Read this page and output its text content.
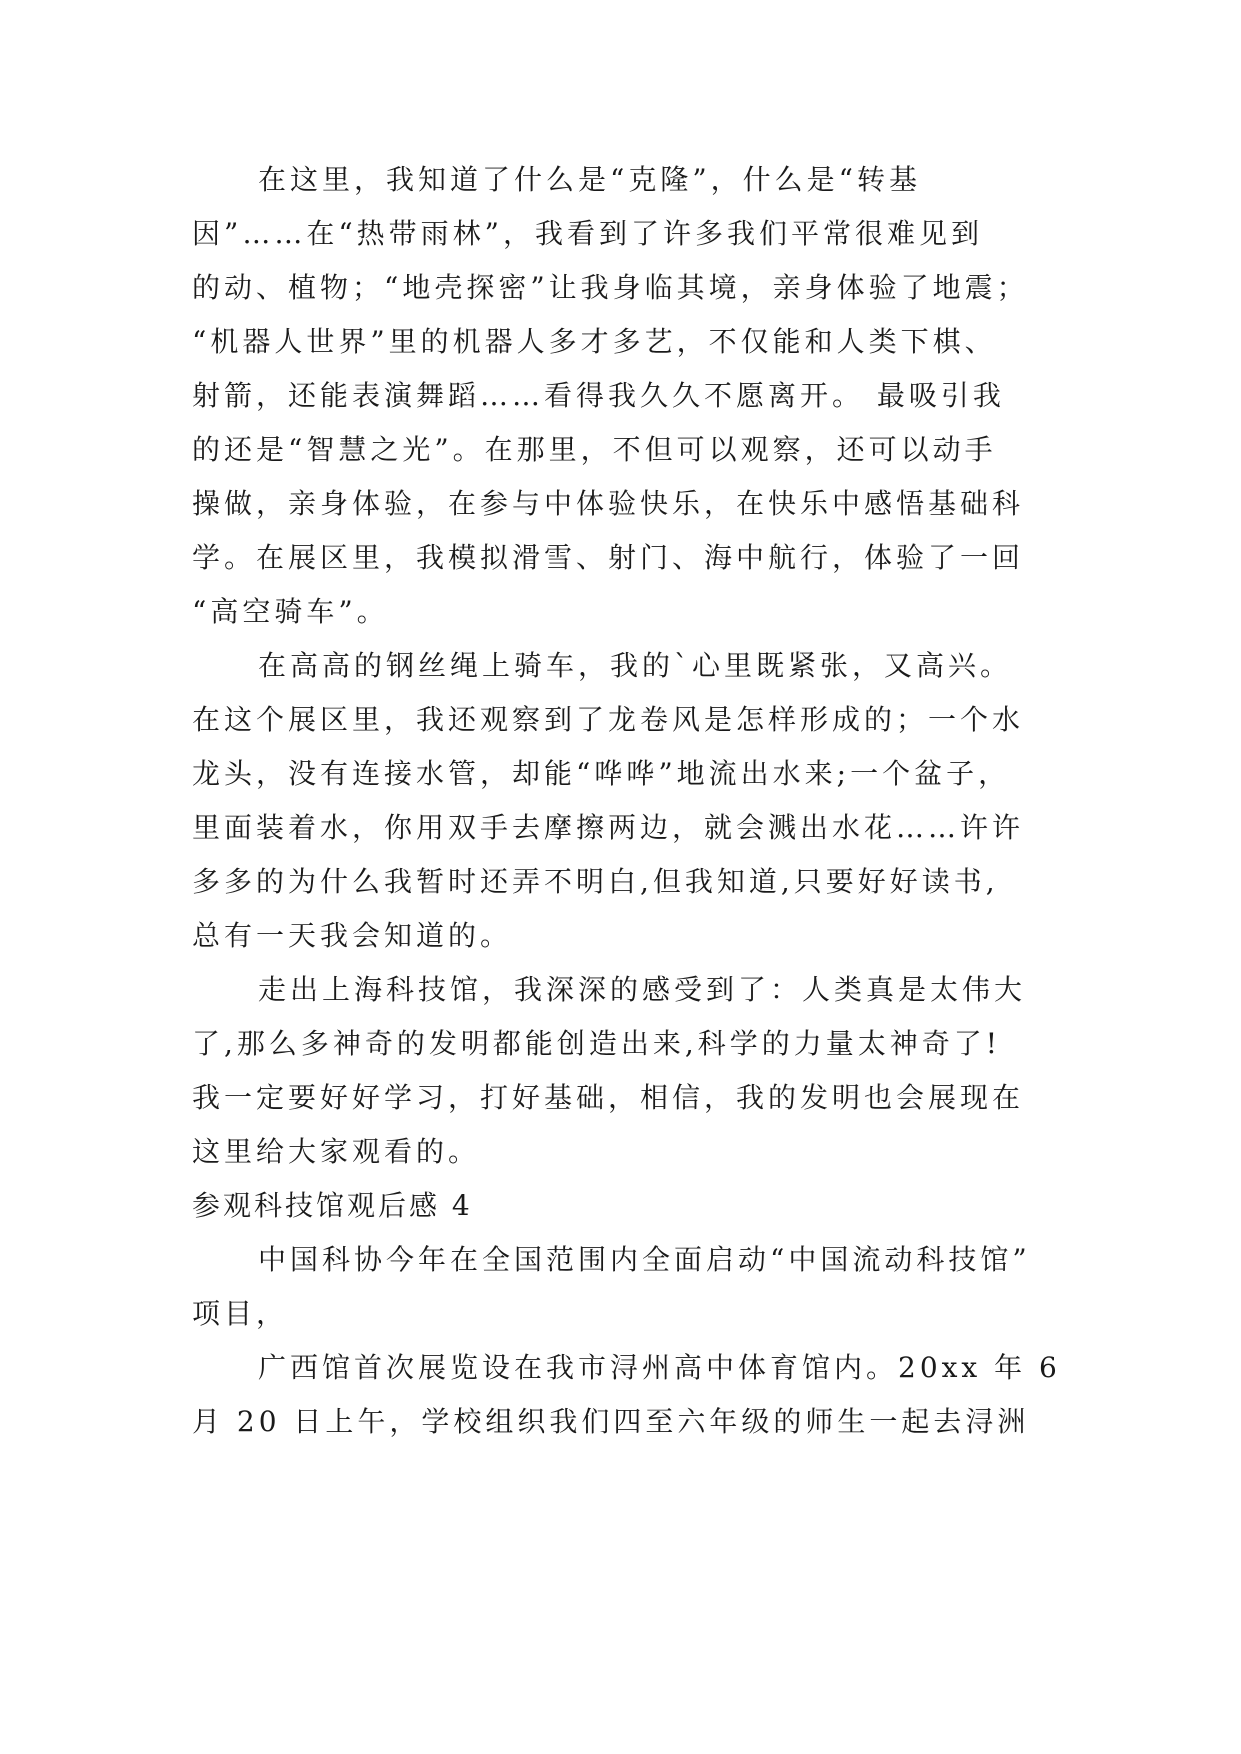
在这里，我知道了什么是“克隆”，什么是“转基
因”……在“热带雨林”，我看到了许多我们平常很难见到
的动、植物；“地壳探密”让我身临其境，亲身体验了地震；
“机器人世界”里的机器人多才多艺，不仅能和人类下棋、
射箭，还能表演舞蹈……看得我久久不愿离开。 最吸引我
的还是“智慧之光”。在那里，不但可以观察，还可以动手
操做，亲身体验，在参与中体验快乐，在快乐中感悟基础科
学。在展区里，我模拟滑雪、射门、海中航行，体验了一回
“高空骑车”。
在高高的钢丝绳上骑车，我的`心里既紧张，又高兴。
在这个展区里，我还观察到了龙卷风是怎样形成的；一个水
龙头，没有连接水管，却能“哗哗”地流出水来;一个盆子，
里面装着水，你用双手去摩擦两边，就会溅出水花……许许
多多的为什么我暂时还弄不明白,但我知道,只要好好读书,
总有一天我会知道的。
走出上海科技馆，我深深的感受到了：人类真是太伟大
了,那么多神奇的发明都能创造出来,科学的力量太神奇了!
我一定要好好学习，打好基础，相信，我的发明也会展现在
这里给大家观看的。
参观科技馆观后感 4
中国科协今年在全国范围内全面启动“中国流动科技馆”
项目，
广西馆首次展览设在我市浔州高中体育馆内。20xx 年 6
月 20 日上午，学校组织我们四至六年级的师生一起去浔洲
